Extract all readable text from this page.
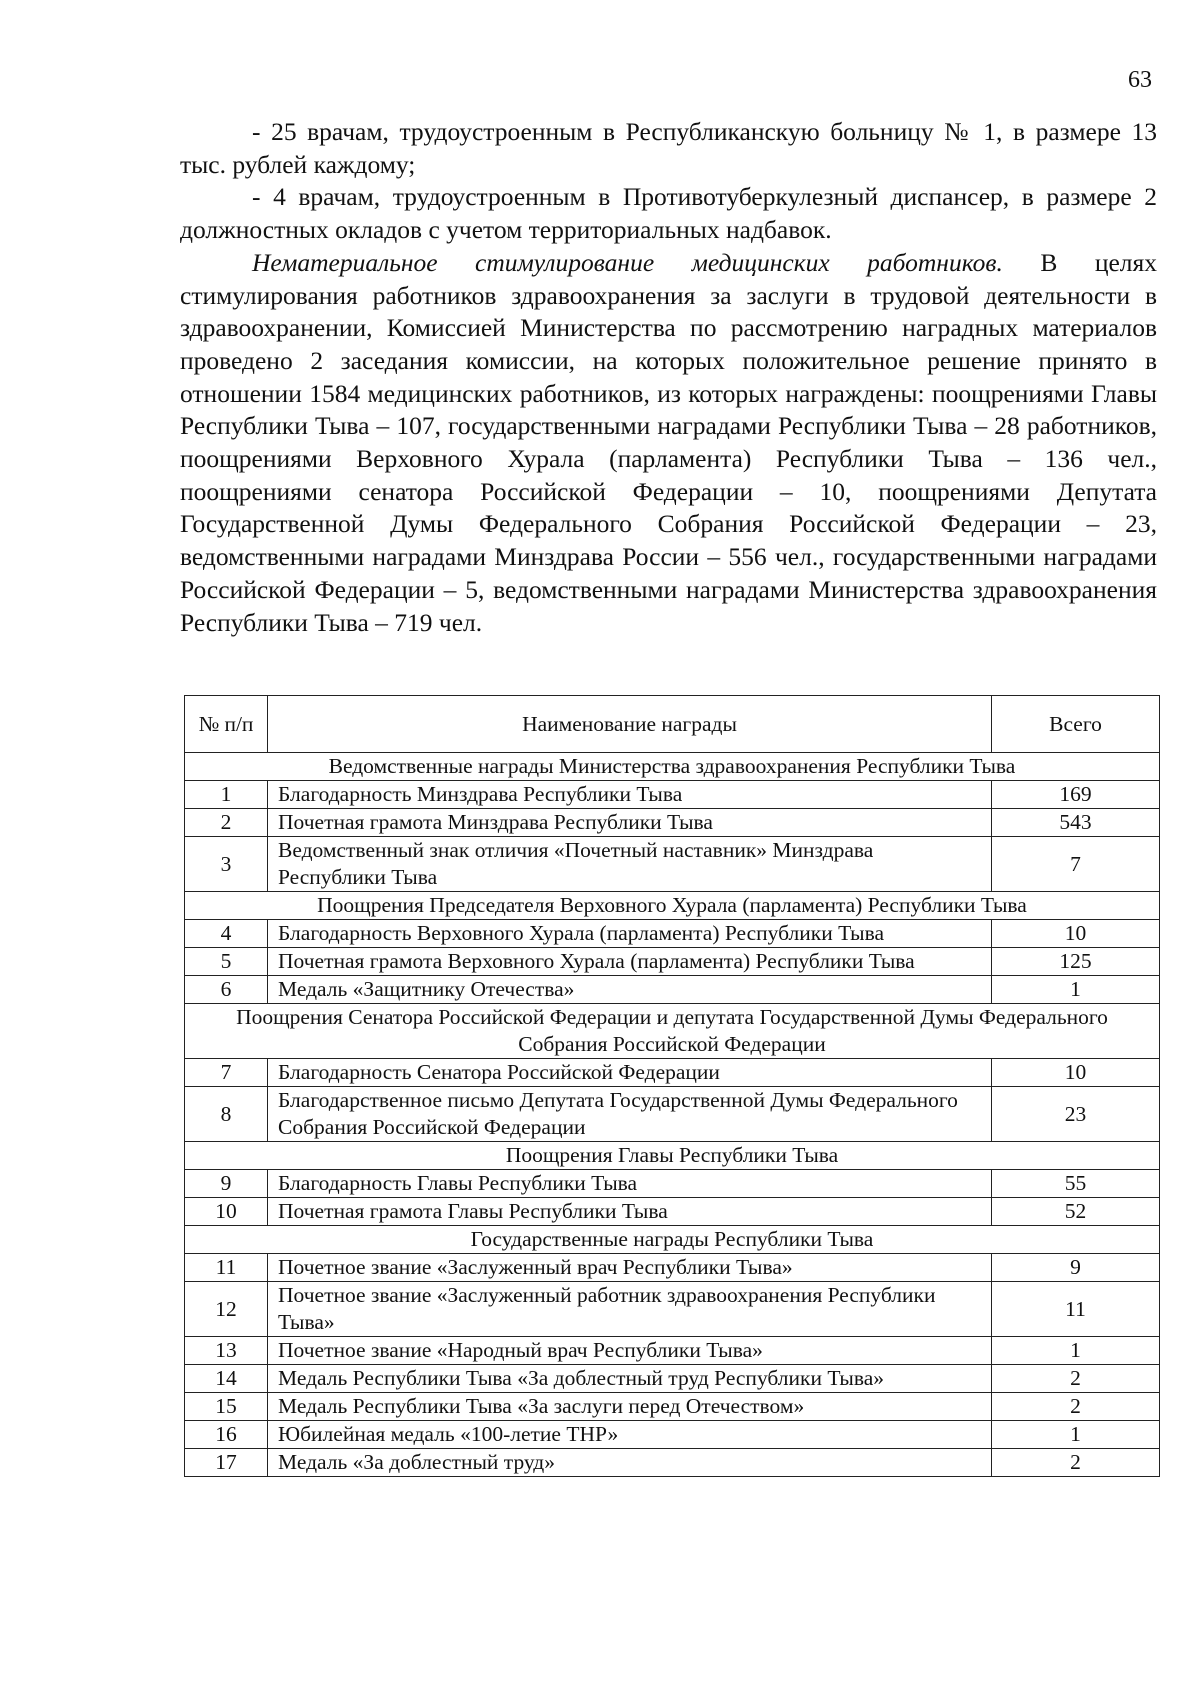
63

- 25 врачам, трудоустроенным в Республиканскую больницу № 1, в размере 13 тыс. рублей каждому;

- 4 врачам, трудоустроенным в Противотуберкулезный диспансер, в размере 2 должностных окладов с учетом территориальных надбавок.

Нематериальное стимулирование медицинских работников. В целях стимулирования работников здравоохранения за заслуги в трудовой деятельности в здравоохранении, Комиссией Министерства по рассмотрению наградных материалов проведено 2 заседания комиссии, на которых положительное решение принято в отношении 1584 медицинских работников, из которых награждены: поощрениями Главы Республики Тыва – 107, государственными наградами Республики Тыва – 28 работников, поощрениями Верховного Хурала (парламента) Республики Тыва – 136 чел., поощрениями сенатора Российской Федерации – 10, поощрениями Депутата Государственной Думы Федерального Собрания Российской Федерации – 23, ведомственными наградами Минздрава России – 556 чел., государственными наградами Российской Федерации – 5, ведомственными наградами Министерства здравоохранения Республики Тыва – 719 чел.

№ п/п	Наименование награды	Всего
Ведомственные награды Министерства здравоохранения Республики Тыва		
1	Благодарность Минздрава Республики Тыва	169
2	Почетная грамота Минздрава Республики Тыва	543
3	Ведомственный знак отличия «Почетный наставник» Минздрава Республики Тыва	7
Поощрения Председателя Верховного Хурала (парламента) Республики Тыва		
4	Благодарность Верховного Хурала (парламента) Республики Тыва	10
5	Почетная грамота Верховного Хурала (парламента) Республики Тыва	125
6	Медаль «Защитнику Отечества»	1
Поощрения Сенатора Российской Федерации и депутата Государственной Думы Федерального Собрания Российской Федерации		
7	Благодарность Сенатора Российской Федерации	10
8	Благодарственное письмо Депутата Государственной Думы Федерального Собрания Российской Федерации	23
Поощрения Главы Республики Тыва		
9	Благодарность Главы Республики Тыва	55
10	Почетная грамота Главы Республики Тыва	52
Государственные награды Республики Тыва		
11	Почетное звание «Заслуженный врач Республики Тыва»	9
12	Почетное звание «Заслуженный работник здравоохранения Республики Тыва»	11
13	Почетное звание «Народный врач Республики Тыва»	1
14	Медаль Республики Тыва «За доблестный труд Республики Тыва»	2
15	Медаль Республики Тыва «За заслуги перед Отечеством»	2
16	Юбилейная медаль «100-летие ТНР»	1
17	Медаль «За доблестный труд»	2
